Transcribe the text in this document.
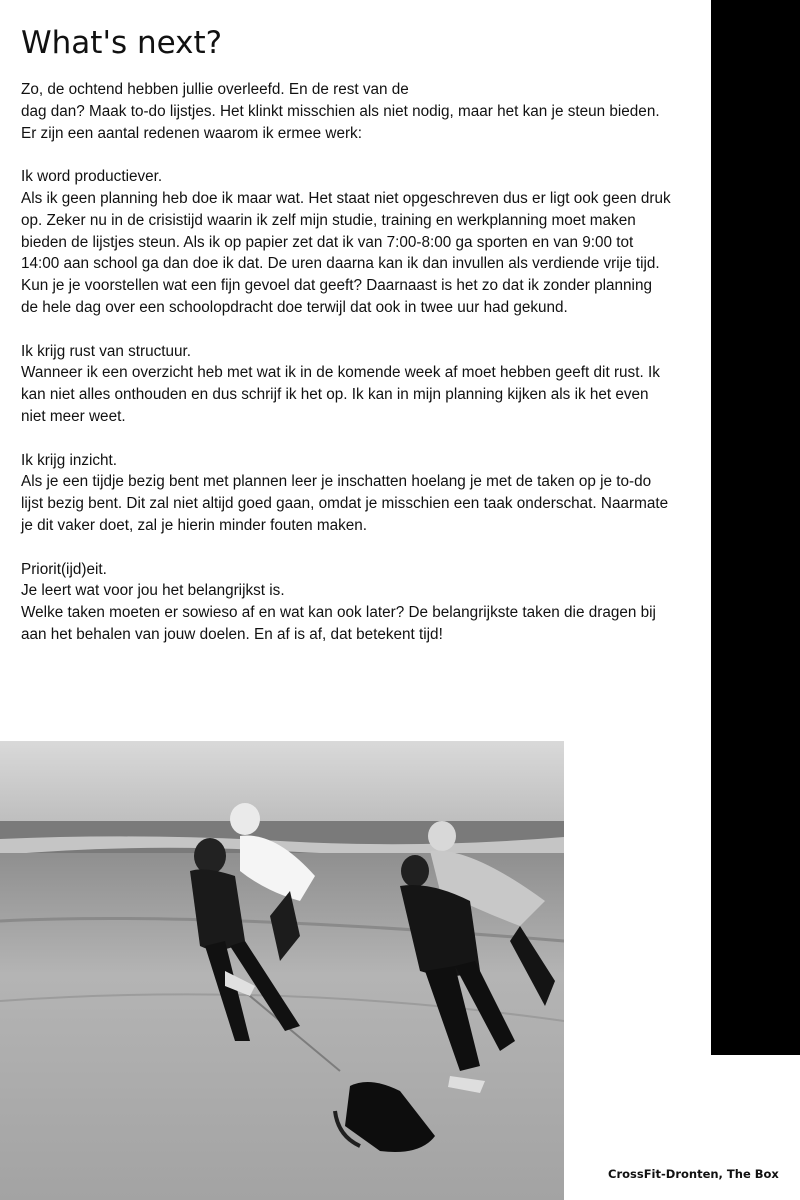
What's next?

Zo, de ochtend hebben jullie overleefd. En de rest van de

dag dan? Maak to-do lijstjes. Het klinkt misschien als niet nodig, maar het kan je steun bieden.

Er zijn een aantal redenen waarom ik ermee werk:

Ik word productiever.

Als ik geen planning heb doe ik maar wat. Het staat niet opgeschreven dus er ligt ook geen druk

op. Zeker nu in de crisistijd waarin ik zelf mijn studie, training en werkplanning moet maken

bieden de lijstjes steun. Als ik op papier zet dat ik van 7:00-8:00 ga sporten en van 9:00 tot

14:00 aan school ga dan doe ik dat. De uren daarna kan ik dan invullen als verdiende vrije tijd.

Kun je je voorstellen wat een fijn gevoel dat geeft? Daarnaast is het zo dat ik zonder planning

de hele dag over een schoolopdracht doe terwijl dat ook in twee uur had gekund.

Ik krijg rust van structuur.

Wanneer ik een overzicht heb met wat ik in de komende week af moet hebben geeft dit rust. Ik

kan niet alles onthouden en dus schrijf ik het op. Ik kan in mijn planning kijken als ik het even

niet meer weet.

Ik krijg inzicht.

Als je een tijdje bezig bent met plannen leer je inschatten hoelang je met de taken op je to-do

lijst bezig bent. Dit zal niet altijd goed gaan, omdat je misschien een taak onderschat. Naarmate

je dit vaker doet, zal je hierin minder fouten maken.

Priorit(ijd)eit.

Je leert wat voor jou het belangrijkst is.

Welke taken moeten er sowieso af en wat kan ook later? De belangrijkste taken die dragen bij

aan het behalen van jouw doelen. En af is af, dat betekent tijd!

CrossFit-Dronten, The Box
